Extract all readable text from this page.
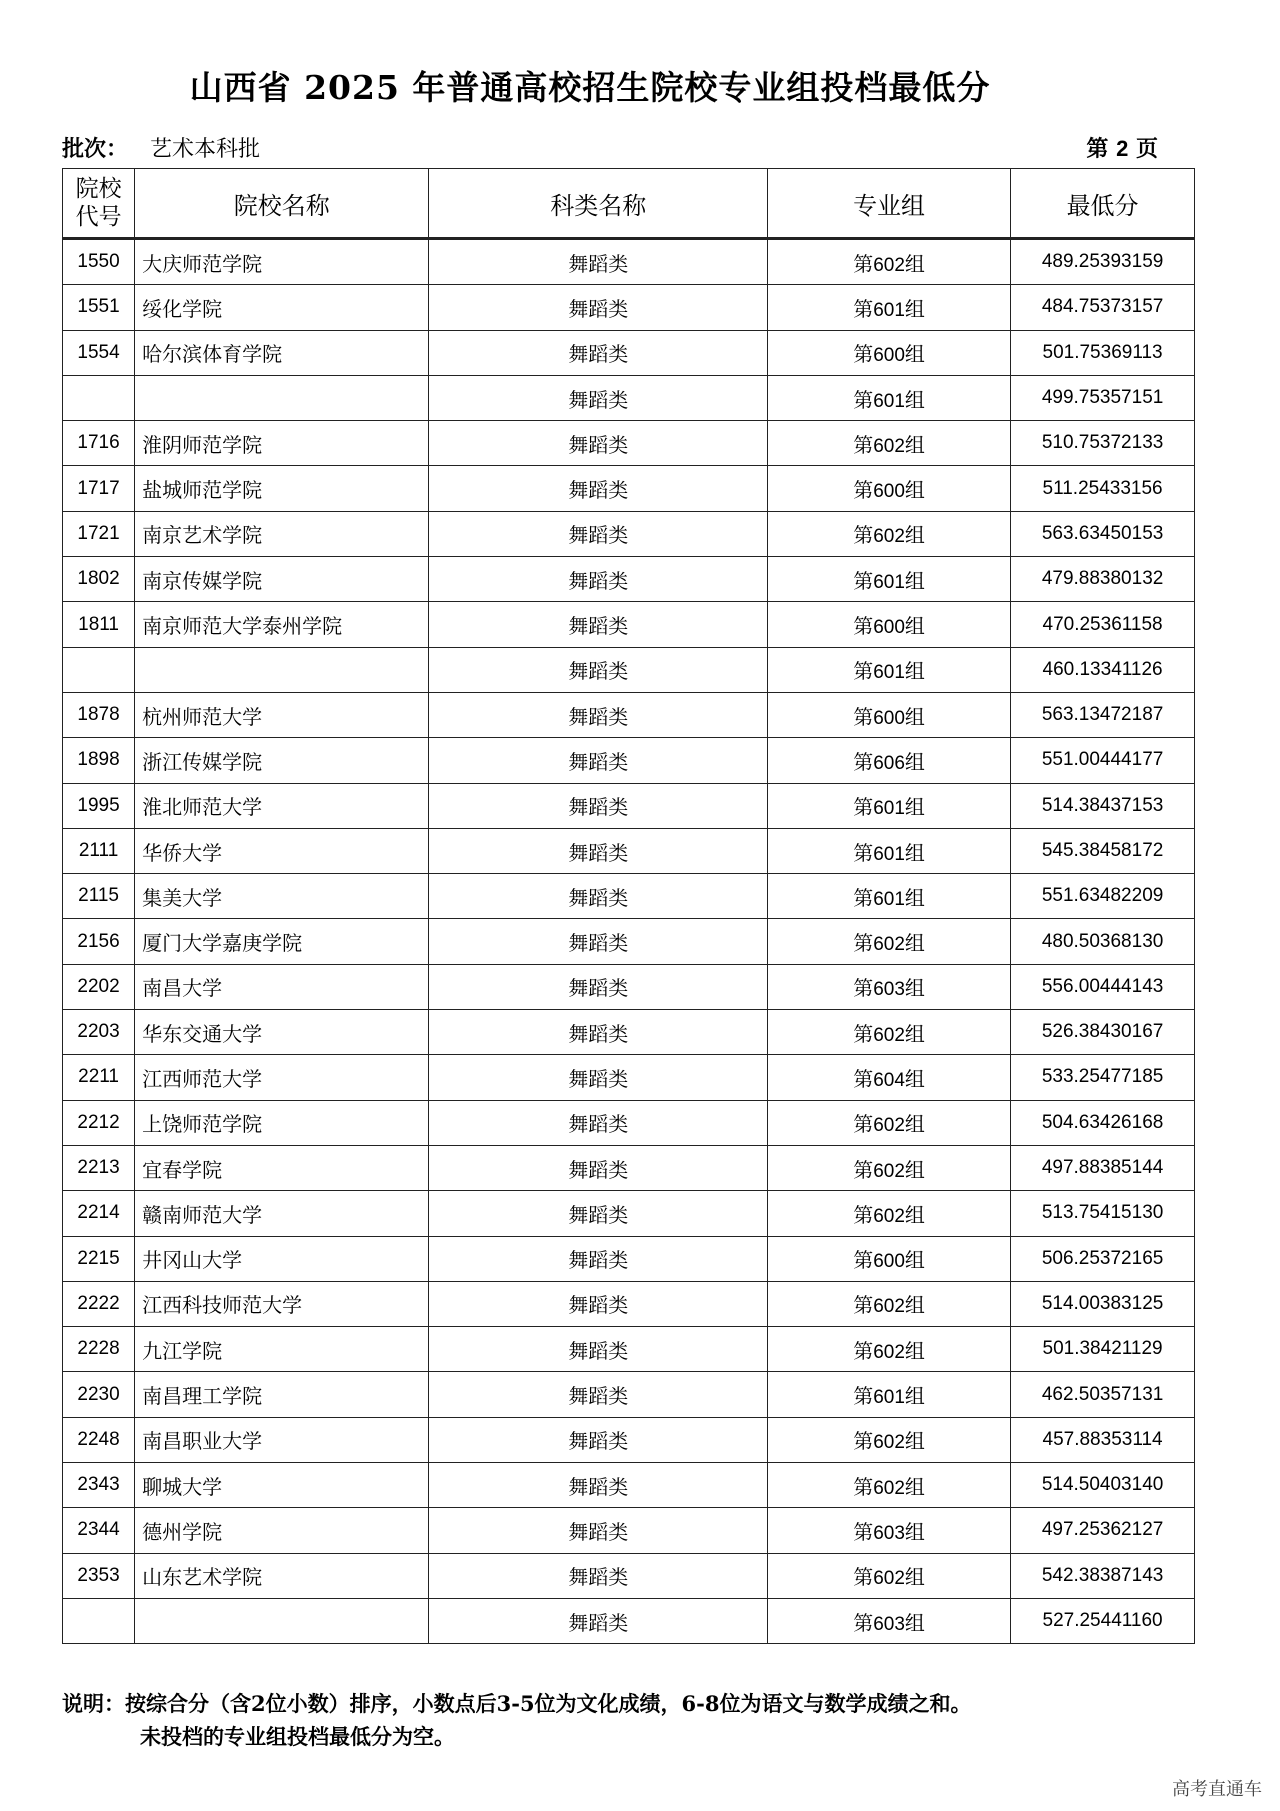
山西省 2025 年普通高校招生院校专业组投档最低分
批次： 艺术本科批	第 2 页
院校
代号	院校名称	科类名称	专业组	最低分
1550	大庆师范学院	舞蹈类	第602组	489.25393159
1551	绥化学院	舞蹈类	第601组	484.75373157
1554	哈尔滨体育学院	舞蹈类	第600组	501.75369113
		舞蹈类	第601组	499.75357151
1716	淮阴师范学院	舞蹈类	第602组	510.75372133
1717	盐城师范学院	舞蹈类	第600组	511.25433156
1721	南京艺术学院	舞蹈类	第602组	563.63450153
1802	南京传媒学院	舞蹈类	第601组	479.88380132
1811	南京师范大学泰州学院	舞蹈类	第600组	470.25361158
		舞蹈类	第601组	460.13341126
1878	杭州师范大学	舞蹈类	第600组	563.13472187
1898	浙江传媒学院	舞蹈类	第606组	551.00444177
1995	淮北师范大学	舞蹈类	第601组	514.38437153
2111	华侨大学	舞蹈类	第601组	545.38458172
2115	集美大学	舞蹈类	第601组	551.63482209
2156	厦门大学嘉庚学院	舞蹈类	第602组	480.50368130
2202	南昌大学	舞蹈类	第603组	556.00444143
2203	华东交通大学	舞蹈类	第602组	526.38430167
2211	江西师范大学	舞蹈类	第604组	533.25477185
2212	上饶师范学院	舞蹈类	第602组	504.63426168
2213	宜春学院	舞蹈类	第602组	497.88385144
2214	赣南师范大学	舞蹈类	第602组	513.75415130
2215	井冈山大学	舞蹈类	第600组	506.25372165
2222	江西科技师范大学	舞蹈类	第602组	514.00383125
2228	九江学院	舞蹈类	第602组	501.38421129
2230	南昌理工学院	舞蹈类	第601组	462.50357131
2248	南昌职业大学	舞蹈类	第602组	457.88353114
2343	聊城大学	舞蹈类	第602组	514.50403140
2344	德州学院	舞蹈类	第603组	497.25362127
2353	山东艺术学院	舞蹈类	第602组	542.38387143
		舞蹈类	第603组	527.25441160
说明：按综合分（含2位小数）排序，小数点后3-5位为文化成绩，6-8位为语文与数学成绩之和。
未投档的专业组投档最低分为空。
高考直通车
